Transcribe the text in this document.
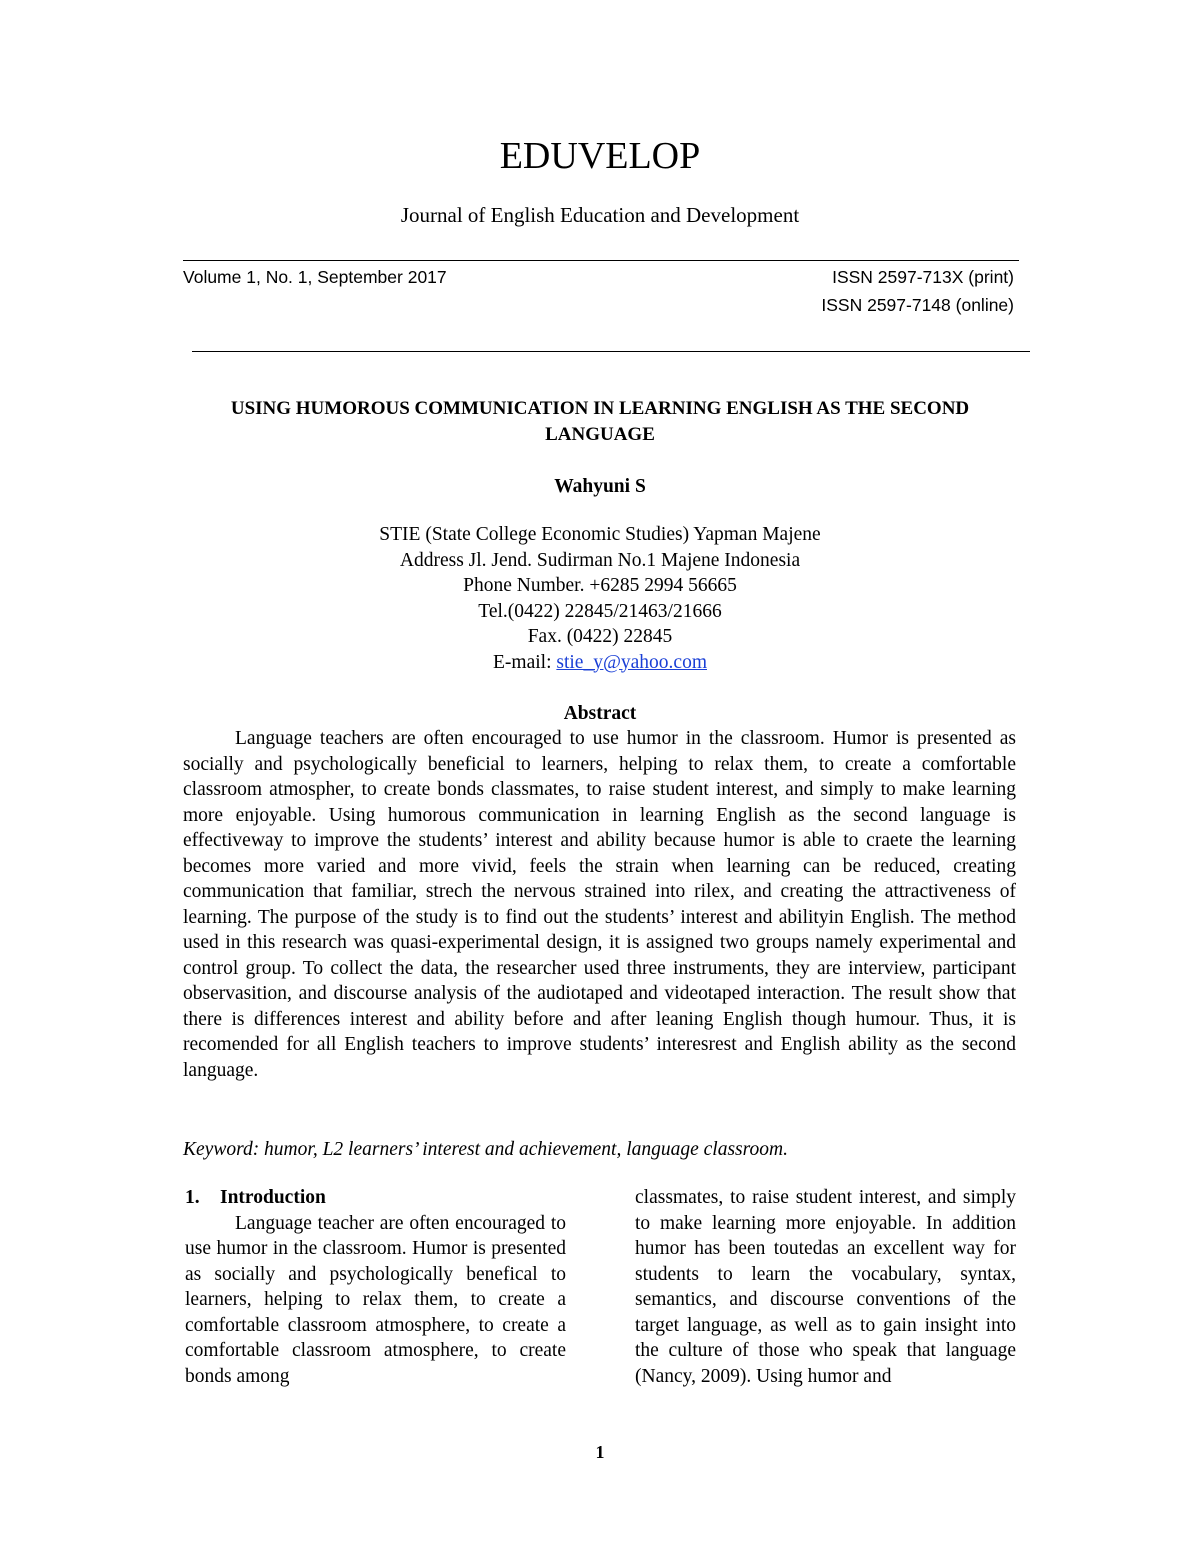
EDUVELOP
Journal of English Education and Development
Volume 1, No. 1, September 2017	ISSN 2597-713X (print)
ISSN 2597-7148 (online)
USING HUMOROUS COMMUNICATION IN LEARNING ENGLISH AS THE SECOND LANGUAGE
Wahyuni S
STIE (State College Economic Studies) Yapman Majene
Address Jl. Jend. Sudirman No.1 Majene Indonesia
Phone Number. +6285 2994 56665
Tel.(0422) 22845/21463/21666
Fax. (0422) 22845
E-mail: stie_y@yahoo.com
Abstract
Language teachers are often encouraged to use humor in the classroom. Humor is presented as socially and psychologically beneficial to learners, helping to relax them, to create a comfortable classroom atmospher, to create bonds classmates, to raise student interest, and simply to make learning more enjoyable. Using humorous communication in learning English as the second language is effectiveway to improve the students’ interest and ability because humor is able to craete the learning becomes more varied and more vivid, feels the strain when learning can be reduced, creating communication that familiar, strech the nervous strained into rilex, and creating the attractiveness of learning. The purpose of the study is to find out the students’ interest and abilityin English. The method used in this research was quasi-experimental design, it is assigned two groups namely experimental and control group. To collect the data, the researcher used three instruments, they are interview, participant observasition, and discourse analysis of the audiotaped and videotaped interaction. The result show that there is differences interest and ability before and after leaning English though humour. Thus, it is recomended for all English teachers to improve students’ interesrest and English ability as the second language.
Keyword: humor, L2 learners’ interest and achievement, language classroom.
1. Introduction

Language teacher are often encouraged to use humor in the classroom. Humor is presented as socially and psychologically benefical to learners, helping to relax them, to create a comfortable classroom atmosphere, to create a comfortable classroom atmosphere, to create bonds among

classmates, to raise student interest, and simply to make learning more enjoyable. In addition humor has been toutedas an excellent way for students to learn the vocabulary, syntax, semantics, and discourse conventions of the target language, as well as to gain insight into the culture of those who speak that language (Nancy, 2009). Using humor and

1
